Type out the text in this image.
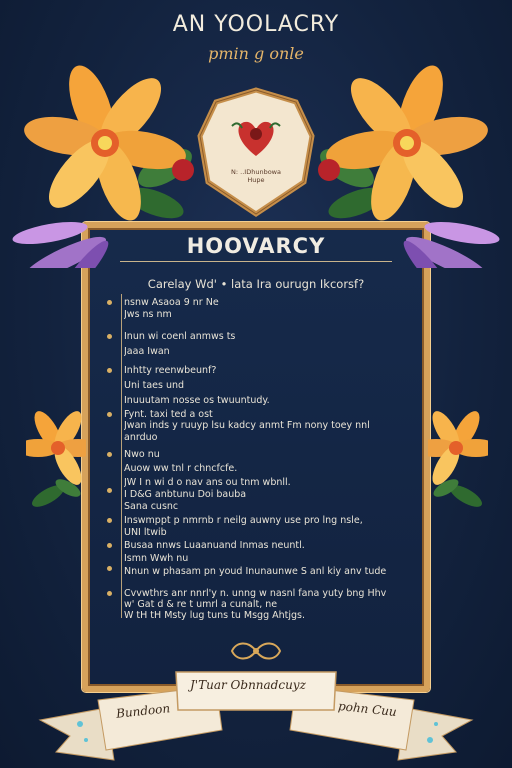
AN YOOLACRY
pmin g onle
N: ..IDhunbowa
Hupe
HOOVARCY
Carelay Wd' • lata Ira ourugn Ikcorsf?
nsnw Asaoa 9 nr Ne
Jws ns nm
Inun wi coenl anmws ts
Jaaa Iwan
Inhtty reenwbeunf?
Uni taes und
Inuuutam nosse os twuuntudy.
Fynt. taxi ted a ost
Jwan inds y ruuyp lsu kadcy anmt Fm nony toey nnl
anrduo
Nwo nu
Auow ww tnl r chncfcfe.
JW I n wi d o nav ans ou tnm wbnll.
I D&G anbtunu Doi bauba
Sana cusnc
Inswmppt p nmrnb r neilg auwny use pro lng nsle,
UNI ltwib
Busaa nnws Luaanuand Inmas neuntl.
Ismn Wwh nu
Nnun w phasam pn youd Inunaunwe S anl kiy anv tude
Cvvwthrs anr nnrl'y n. unng w nasnl fana yuty bng Hhv
w' Gat d & re t umrl a cunalt, ne
W tH tH Msty lug tuns tu Msgg Ahtjgs.
J'Tuar Obnnadcuyz
Bundoon	pohn Cuu
